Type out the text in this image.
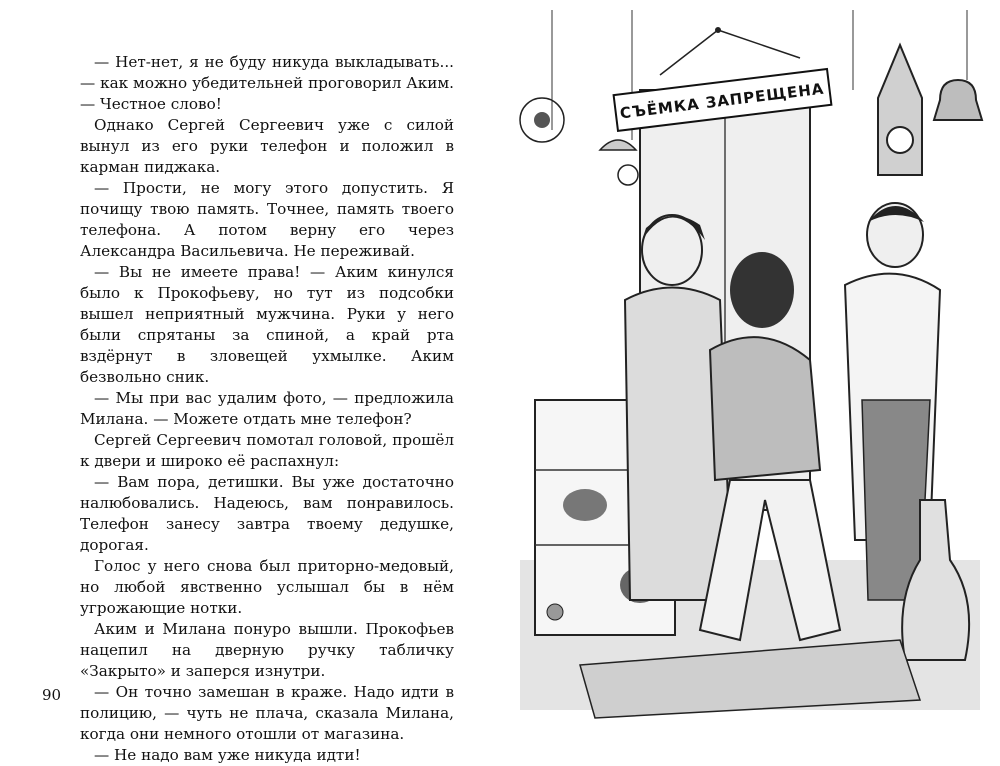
— Нет-нет, я не буду никуда выкладывать... — как можно убедительней проговорил Аким. — Честное слово!

Однако Сергей Сергеевич уже с силой вынул из его руки телефон и положил в карман пиджака.

— Прости, не могу этого допустить. Я почищу твою память. Точнее, память твоего телефона. А потом верну его через Александра Васильевича. Не переживай.

— Вы не имеете права! — Аким кинулся было к Прокофьеву, но тут из подсобки вышел неприятный мужчина. Руки у него были спрятаны за спиной, а край рта вздёрнут в зловещей ухмылке. Аким безвольно сник.

— Мы при вас удалим фото, — предложила Милана. — Можете отдать мне телефон?

Сергей Сергеевич помотал головой, прошёл к двери и широко её распахнул:

— Вам пора, детишки. Вы уже достаточно налюбовались. Надеюсь, вам понравилось. Телефон занесу завтра твоему дедушке, дорогая.

Голос у него снова был приторно-медовый, но любой явственно услышал бы в нём угрожающие нотки.

Аким и Милана понуро вышли. Прокофьев нацепил на дверную ручку табличку «Закрыто» и заперся изнутри.

— Он точно замешан в краже. Надо идти в полицию, — чуть не плача, сказала Милана, когда они немного отошли от магазина.

— Не надо вам уже никуда идти!

90
СЪЁМКА ЗАПРЕЩЕНА
